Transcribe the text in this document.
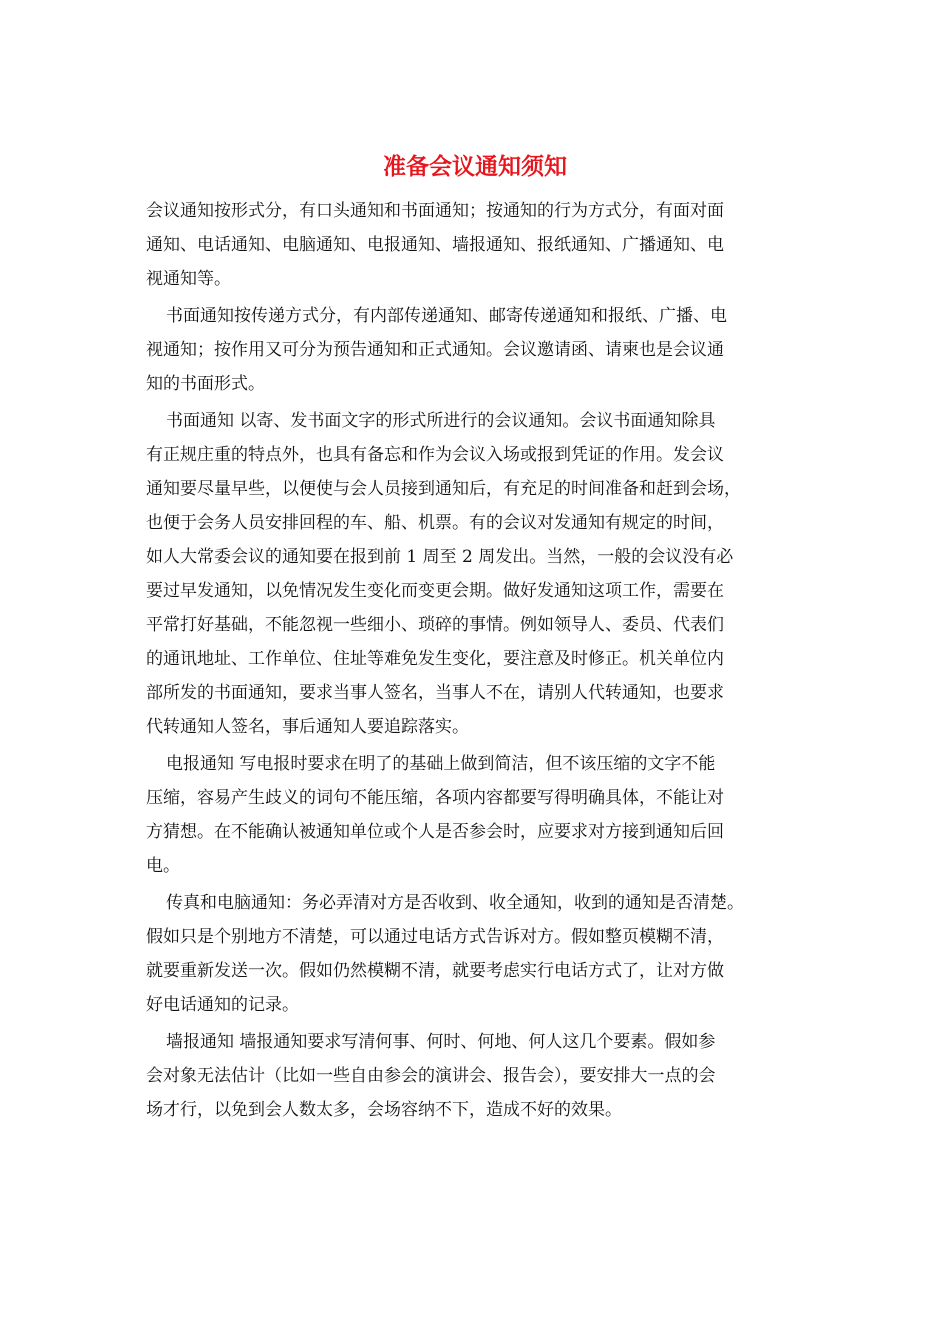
准备会议通知须知

会议通知按形式分，有口头通知和书面通知；按通知的行为方式分，有面对面

通知、电话通知、电脑通知、电报通知、墙报通知、报纸通知、广播通知、电

视通知等。

书面通知按传递方式分，有内部传递通知、邮寄传递通知和报纸、广播、电

视通知；按作用又可分为预告通知和正式通知。会议邀请函、请柬也是会议通

知的书面形式。

书面通知 以寄、发书面文字的形式所进行的会议通知。会议书面通知除具

有正规庄重的特点外，也具有备忘和作为会议入场或报到凭证的作用。发会议

通知要尽量早些，以便使与会人员接到通知后，有充足的时间准备和赶到会场，

也便于会务人员安排回程的车、船、机票。有的会议对发通知有规定的时间，

如人大常委会议的通知要在报到前 1 周至 2 周发出。当然，一般的会议没有必

要过早发通知，以免情况发生变化而变更会期。做好发通知这项工作，需要在

平常打好基础，不能忽视一些细小、琐碎的事情。例如领导人、委员、代表们

的通讯地址、工作单位、住址等难免发生变化，要注意及时修正。机关单位内

部所发的书面通知，要求当事人签名，当事人不在，请别人代转通知，也要求

代转通知人签名，事后通知人要追踪落实。

电报通知 写电报时要求在明了的基础上做到简洁，但不该压缩的文字不能

压缩，容易产生歧义的词句不能压缩，各项内容都要写得明确具体，不能让对

方猜想。在不能确认被通知单位或个人是否参会时，应要求对方接到通知后回

电。

传真和电脑通知：务必弄清对方是否收到、收全通知，收到的通知是否清楚。

假如只是个别地方不清楚，可以通过电话方式告诉对方。假如整页模糊不清，

就要重新发送一次。假如仍然模糊不清，就要考虑实行电话方式了，让对方做

好电话通知的记录。

墙报通知 墙报通知要求写清何事、何时、何地、何人这几个要素。假如参

会对象无法估计（比如一些自由参会的演讲会、报告会），要安排大一点的会

场才行，以免到会人数太多，会场容纳不下，造成不好的效果。
